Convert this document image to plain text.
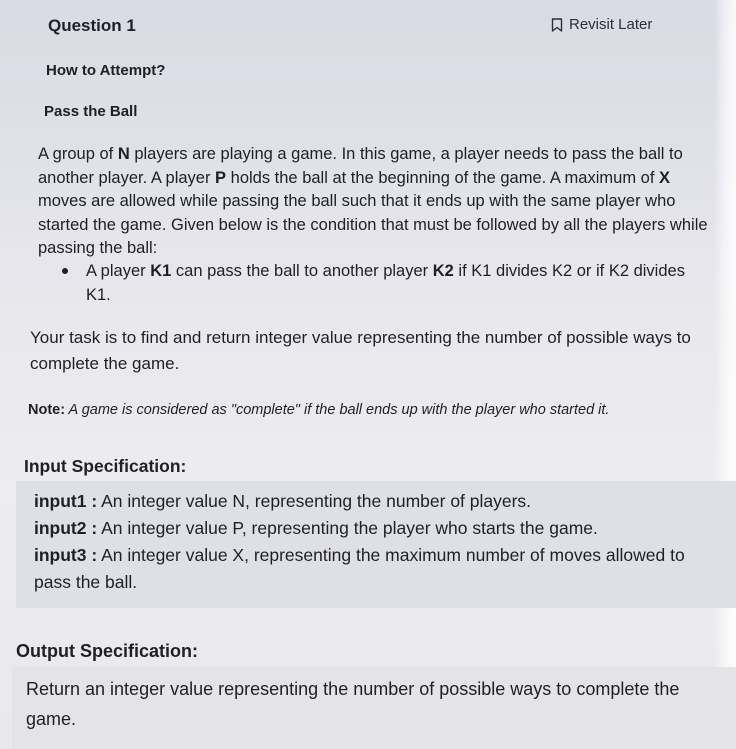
Question 1	Revisit Later
How to Attempt?
Pass the Ball

A group of N players are playing a game. In this game, a player needs to pass the ball to another player. A player P holds the ball at the beginning of the game. A maximum of X moves are allowed while passing the ball such that it ends up with the same player who started the game. Given below is the condition that must be followed by all the players while passing the ball:

A player K1 can pass the ball to another player K2 if K1 divides K2 or if K2 divides K1.
Your task is to find and return integer value representing the number of possible ways to complete the game.
Note: A game is considered as "complete" if the ball ends up with the player who started it.
Input Specification:

input1 : An integer value N, representing the number of players.

input2 : An integer value P, representing the player who starts the game.

input3 : An integer value X, representing the maximum number of moves allowed to pass the ball.

Output Specification:
Return an integer value representing the number of possible ways to complete the game.
